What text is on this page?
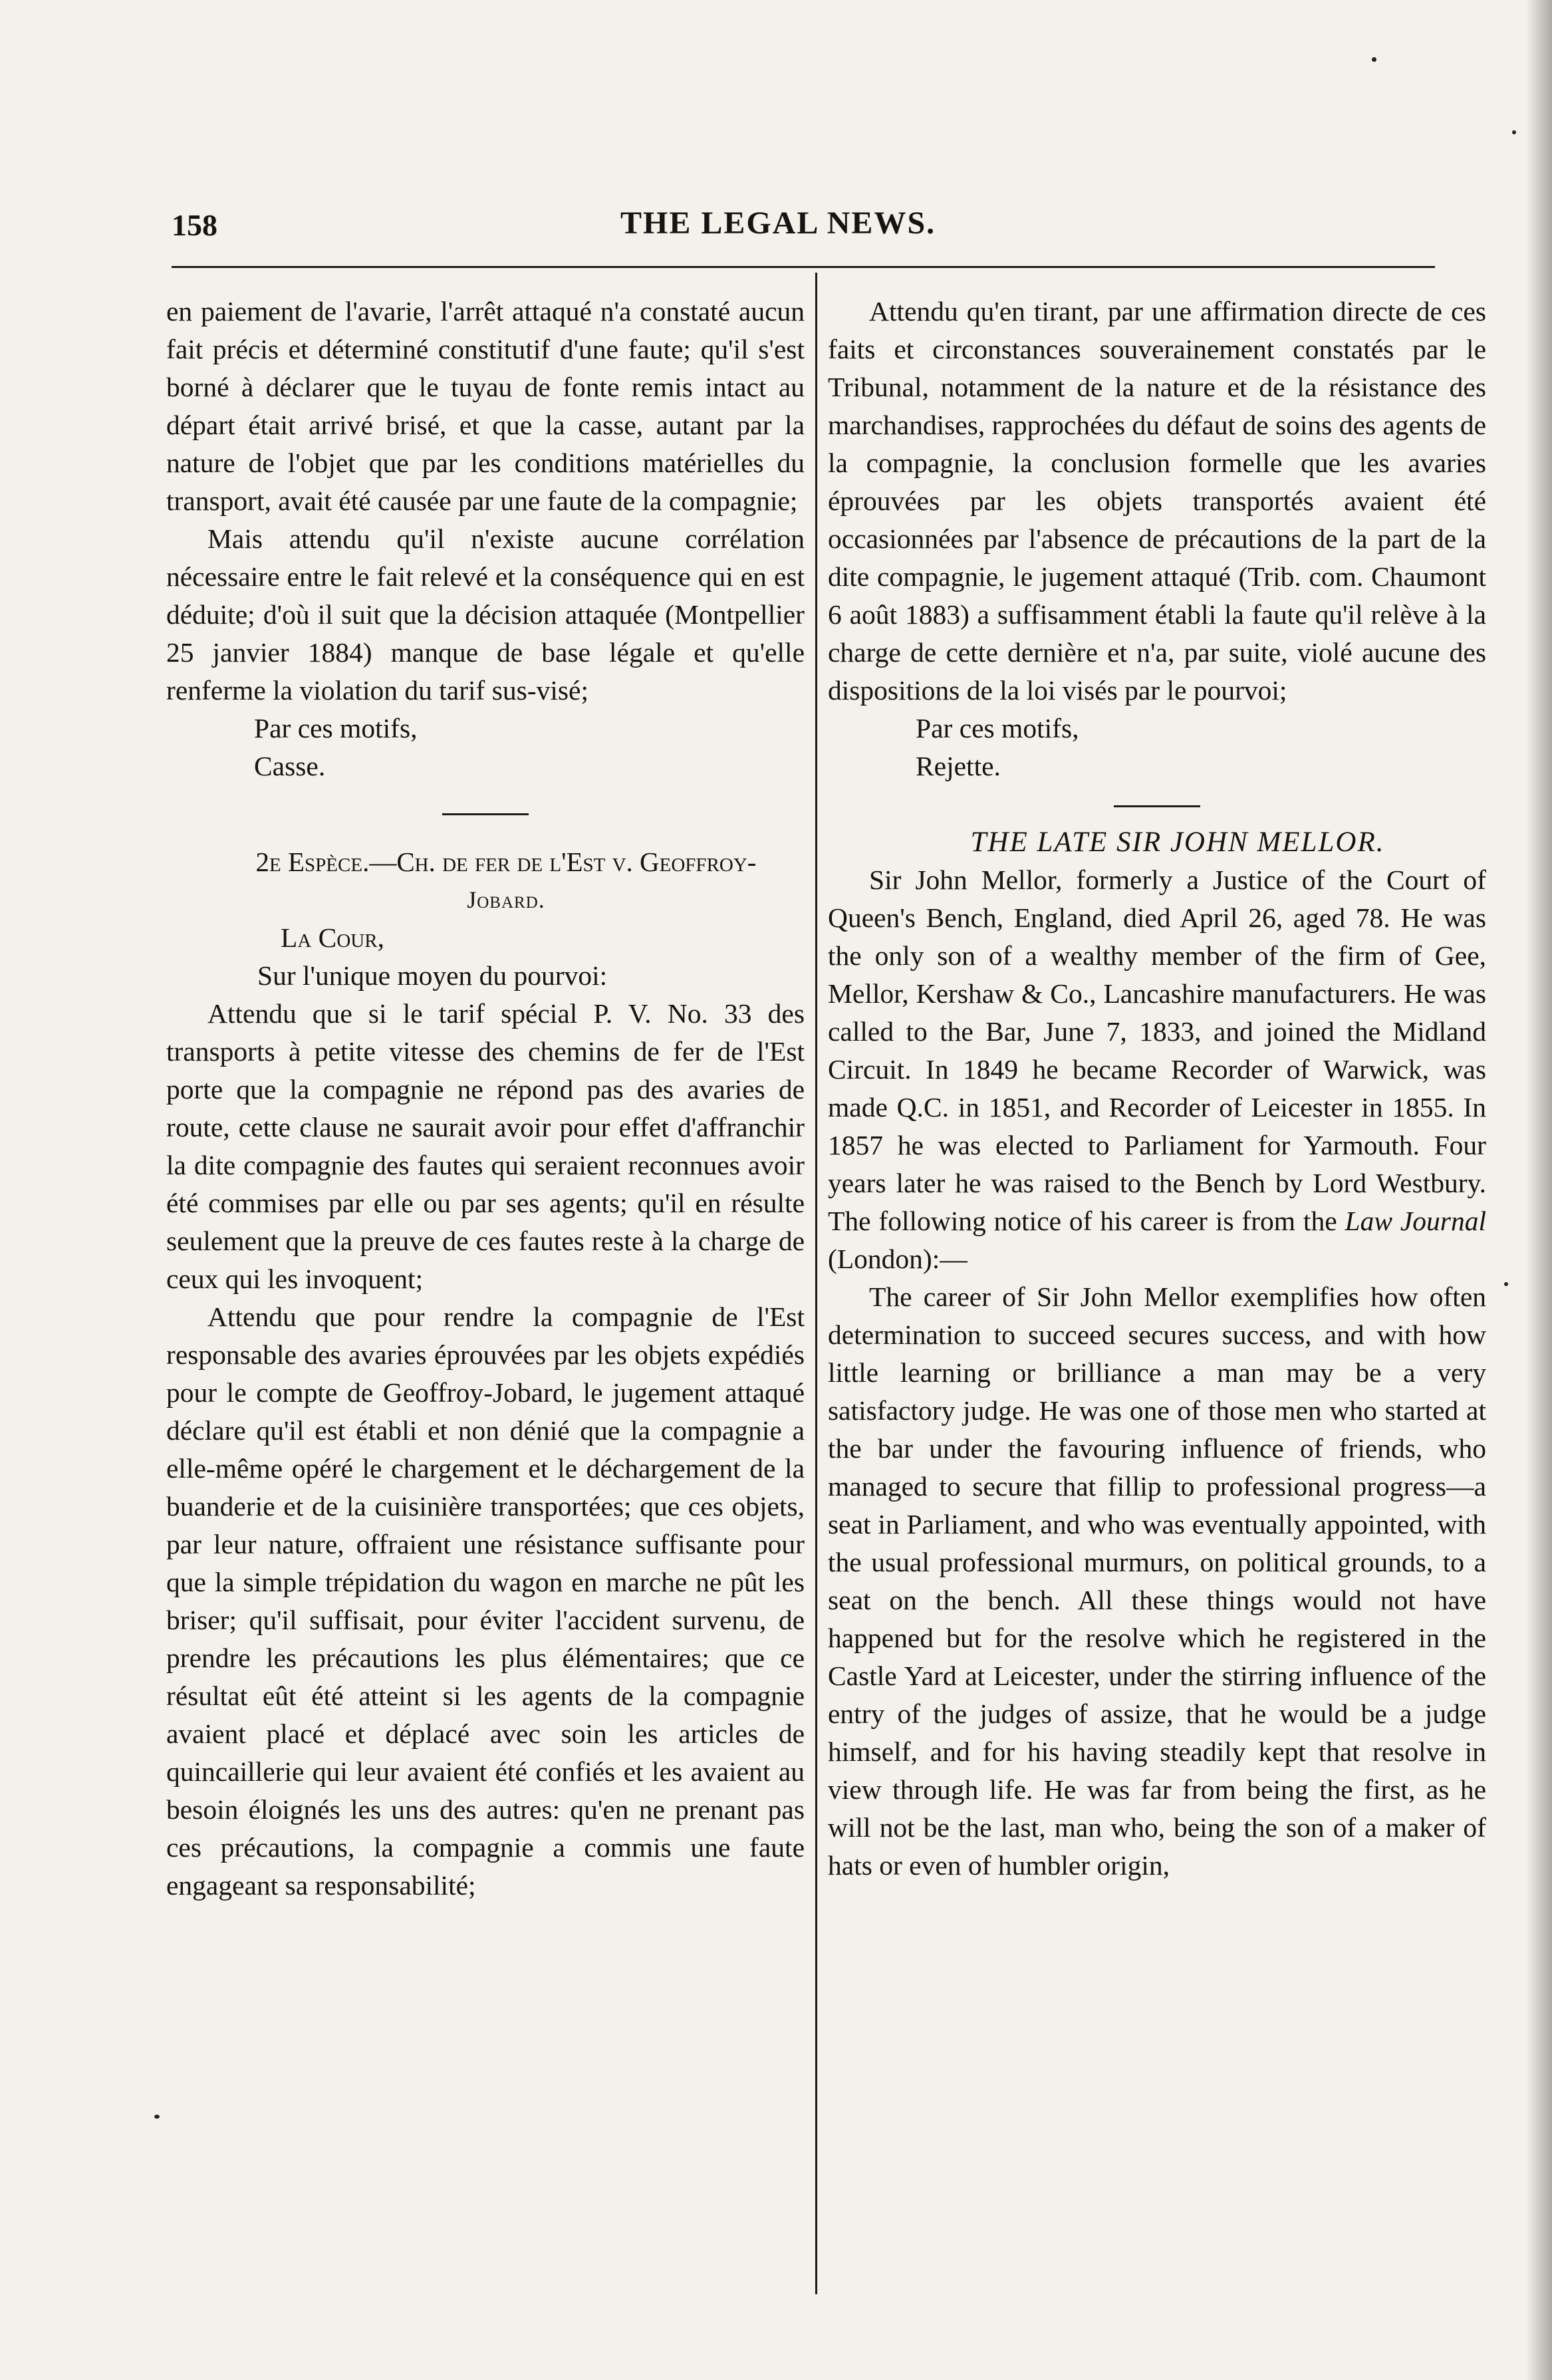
158	THE LEGAL NEWS.

en paiement de l'avarie, l'arrêt attaqué n'a constaté aucun fait précis et déterminé constitutif d'une faute; qu'il s'est borné à déclarer que le tuyau de fonte remis intact au départ était arrivé brisé, et que la casse, autant par la nature de l'objet que par les conditions matérielles du transport, avait été causée par une faute de la compagnie;

Mais attendu qu'il n'existe aucune corrélation nécessaire entre le fait relevé et la conséquence qui en est déduite; d'où il suit que la décision attaquée (Montpellier 25 janvier 1884) manque de base légale et qu'elle renferme la violation du tarif sus-visé;

Par ces motifs,

Casse.

2e Espèce.—Ch. de fer de l'Est v. Geoffroy-

Jobard.

La Cour,

Sur l'unique moyen du pourvoi:

Attendu que si le tarif spécial P. V. No. 33 des transports à petite vitesse des chemins de fer de l'Est porte que la compagnie ne répond pas des avaries de route, cette clause ne saurait avoir pour effet d'affranchir la dite compagnie des fautes qui seraient reconnues avoir été commises par elle ou par ses agents; qu'il en résulte seulement que la preuve de ces fautes reste à la charge de ceux qui les invoquent;

Attendu que pour rendre la compagnie de l'Est responsable des avaries éprouvées par les objets expédiés pour le compte de Geoffroy-Jobard, le jugement attaqué déclare qu'il est établi et non dénié que la compagnie a elle-même opéré le chargement et le déchargement de la buanderie et de la cuisinière transportées; que ces objets, par leur nature, offraient une résistance suffisante pour que la simple trépidation du wagon en marche ne pût les briser; qu'il suffisait, pour éviter l'accident survenu, de prendre les précautions les plus élémentaires; que ce résultat eût été atteint si les agents de la compagnie avaient placé et déplacé avec soin les articles de quincaillerie qui leur avaient été confiés et les avaient au besoin éloignés les uns des autres: qu'en ne prenant pas ces précautions, la compagnie a commis une faute engageant sa responsabilité;

Attendu qu'en tirant, par une affirmation directe de ces faits et circonstances souverainement constatés par le Tribunal, notamment de la nature et de la résistance des marchandises, rapprochées du défaut de soins des agents de la compagnie, la conclusion formelle que les avaries éprouvées par les objets transportés avaient été occasionnées par l'absence de précautions de la part de la dite compagnie, le jugement attaqué (Trib. com. Chaumont 6 août 1883) a suffisamment établi la faute qu'il relève à la charge de cette dernière et n'a, par suite, violé aucune des dispositions de la loi visés par le pourvoi;

Par ces motifs,

Rejette.

THE LATE SIR JOHN MELLOR.

Sir John Mellor, formerly a Justice of the Court of Queen's Bench, England, died April 26, aged 78. He was the only son of a wealthy member of the firm of Gee, Mellor, Kershaw & Co., Lancashire manufacturers. He was called to the Bar, June 7, 1833, and joined the Midland Circuit. In 1849 he became Recorder of Warwick, was made Q.C. in 1851, and Recorder of Leicester in 1855. In 1857 he was elected to Parliament for Yarmouth. Four years later he was raised to the Bench by Lord Westbury. The following notice of his career is from the Law Journal (London):—

The career of Sir John Mellor exemplifies how often determination to succeed secures success, and with how little learning or brilliance a man may be a very satisfactory judge. He was one of those men who started at the bar under the favouring influence of friends, who managed to secure that fillip to professional progress—a seat in Parliament, and who was eventually appointed, with the usual professional murmurs, on political grounds, to a seat on the bench. All these things would not have happened but for the resolve which he registered in the Castle Yard at Leicester, under the stirring influence of the entry of the judges of assize, that he would be a judge himself, and for his having steadily kept that resolve in view through life. He was far from being the first, as he will not be the last, man who, being the son of a maker of hats or even of humbler origin,
